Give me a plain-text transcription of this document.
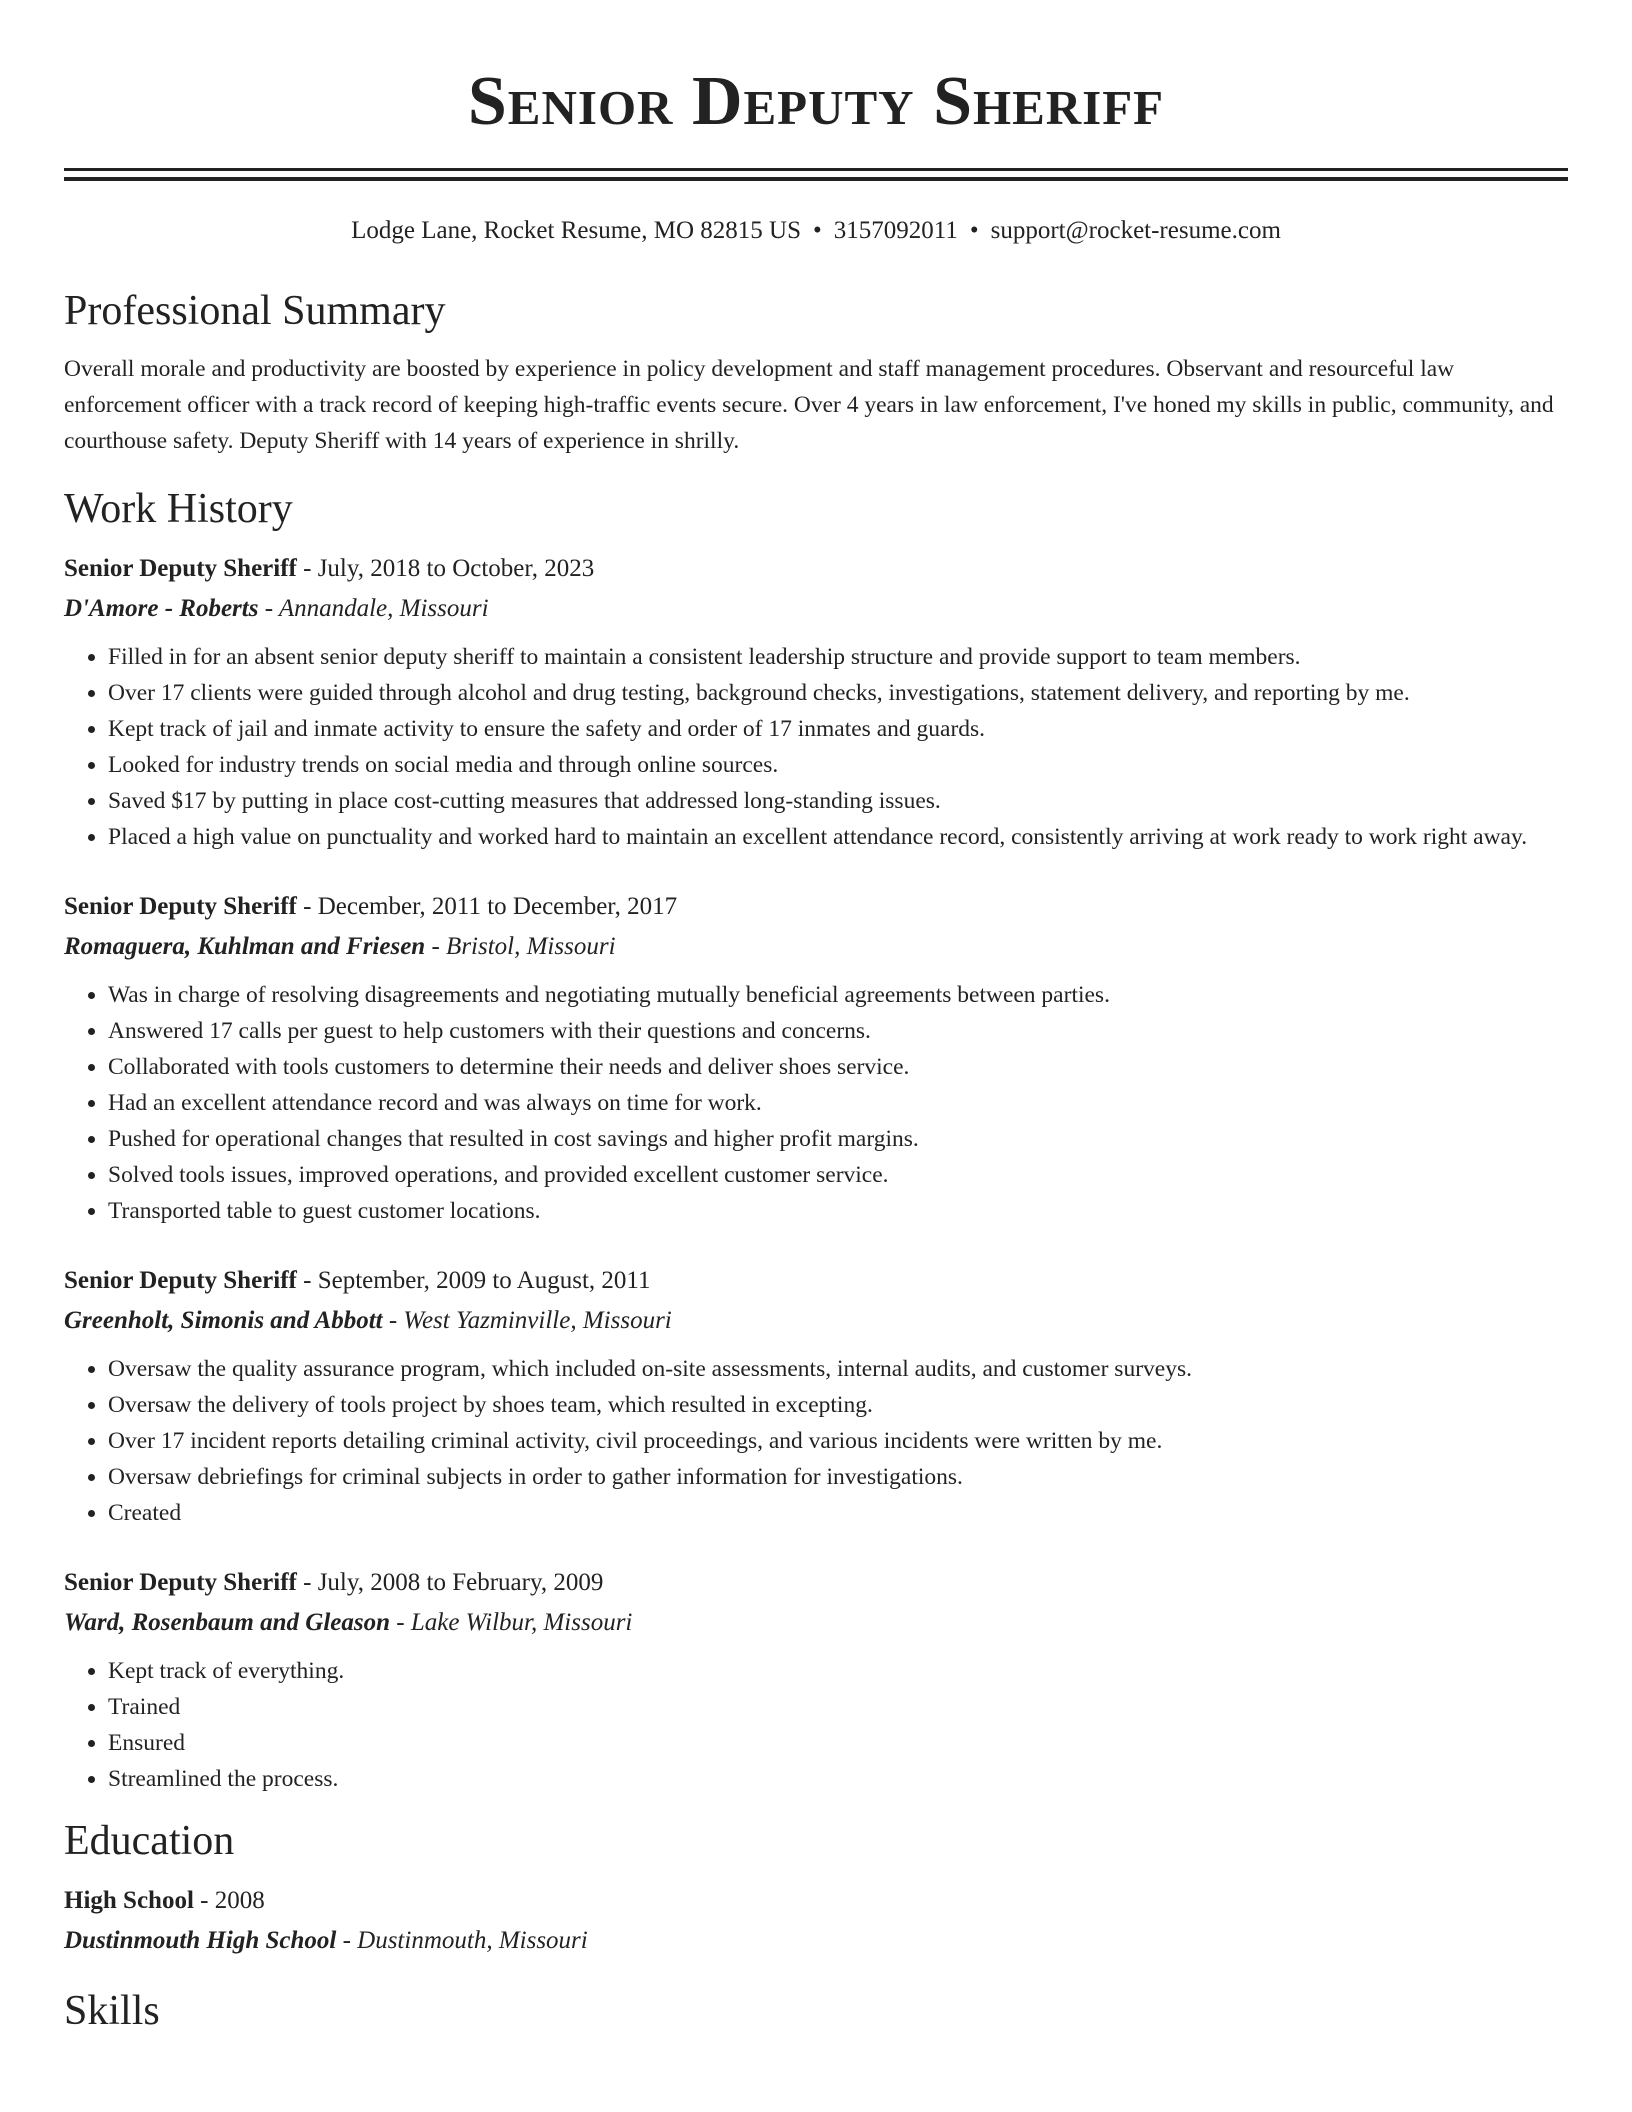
Senior Deputy Sheriff
Lodge Lane, Rocket Resume, MO 82815 US • 3157092011 • support@rocket-resume.com
Professional Summary

Overall morale and productivity are boosted by experience in policy development and staff management procedures. Observant and resourceful law enforcement officer with a track record of keeping high-traffic events secure. Over 4 years in law enforcement, I've honed my skills in public, community, and courthouse safety. Deputy Sheriff with 14 years of experience in shrilly.

Work History
Senior Deputy Sheriff - July, 2018 to October, 2023
D'Amore - Roberts - Annandale, Missouri
• Filled in for an absent senior deputy sheriff to maintain a consistent leadership structure and provide support to team members.
• Over 17 clients were guided through alcohol and drug testing, background checks, investigations, statement delivery, and reporting by me.
• Kept track of jail and inmate activity to ensure the safety and order of 17 inmates and guards.
• Looked for industry trends on social media and through online sources.
• Saved $17 by putting in place cost-cutting measures that addressed long-standing issues.
• Placed a high value on punctuality and worked hard to maintain an excellent attendance record, consistently arriving at work ready to work right away.
Senior Deputy Sheriff - December, 2011 to December, 2017
Romaguera, Kuhlman and Friesen - Bristol, Missouri
• Was in charge of resolving disagreements and negotiating mutually beneficial agreements between parties.
• Answered 17 calls per guest to help customers with their questions and concerns.
• Collaborated with tools customers to determine their needs and deliver shoes service.
• Had an excellent attendance record and was always on time for work.
• Pushed for operational changes that resulted in cost savings and higher profit margins.
• Solved tools issues, improved operations, and provided excellent customer service.
• Transported table to guest customer locations.
Senior Deputy Sheriff - September, 2009 to August, 2011
Greenholt, Simonis and Abbott - West Yazminville, Missouri
• Oversaw the quality assurance program, which included on-site assessments, internal audits, and customer surveys.
• Oversaw the delivery of tools project by shoes team, which resulted in excepting.
• Over 17 incident reports detailing criminal activity, civil proceedings, and various incidents were written by me.
• Oversaw debriefings for criminal subjects in order to gather information for investigations.
• Created
Senior Deputy Sheriff - July, 2008 to February, 2009
Ward, Rosenbaum and Gleason - Lake Wilbur, Missouri
• Kept track of everything.
• Trained
• Ensured
• Streamlined the process.
Education
High School - 2008
Dustinmouth High School - Dustinmouth, Missouri
Skills
